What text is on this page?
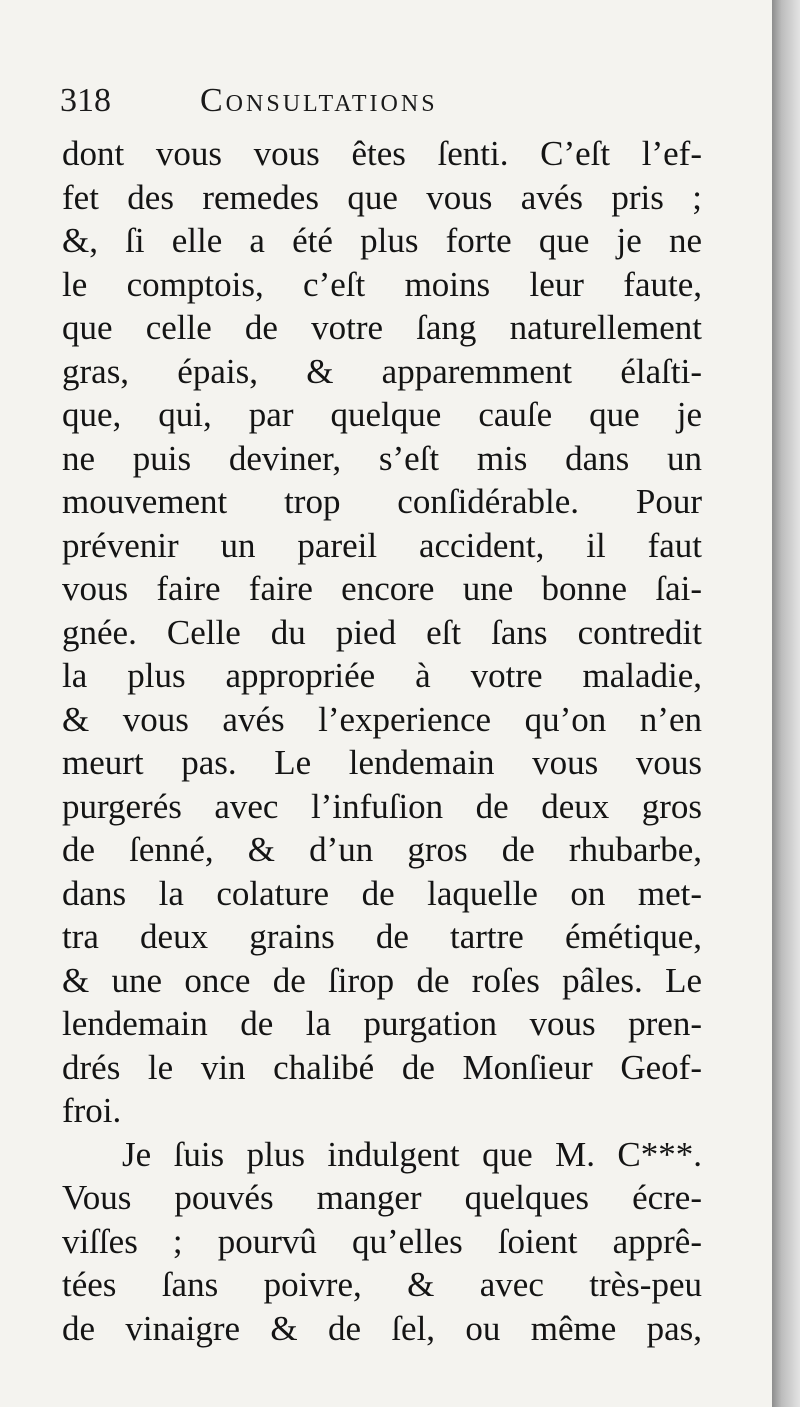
318	Consultations
dont vous vous êtes ſenti. C’eſt l’ef-
fet des remedes que vous avés pris ;
&, ſi elle a été plus forte que je ne
le comptois, c’eſt moins leur faute,
que celle de votre ſang naturellement
gras, épais, & apparemment élaſti-
que, qui, par quelque cauſe que je
ne puis deviner, s’eſt mis dans un
mouvement trop conſidérable. Pour
prévenir un pareil accident, il faut
vous faire faire encore une bonne ſai-
gnée. Celle du pied eſt ſans contredit
la plus appropriée à votre maladie,
& vous avés l’experience qu’on n’en
meurt pas. Le lendemain vous vous
purgerés avec l’infuſion de deux gros
de ſenné, & d’un gros de rhubarbe,
dans la colature de laquelle on met-
tra deux grains de tartre émétique,
& une once de ſirop de roſes pâles. Le
lendemain de la purgation vous pren-
drés le vin chalibé de Monſieur Geof-
froi.
Je ſuis plus indulgent que M. C***.
Vous pouvés manger quelques écre-
viſſes ; pourvû qu’elles ſoient apprê-
tées ſans poivre, & avec très-peu
de vinaigre & de ſel, ou même pas,
